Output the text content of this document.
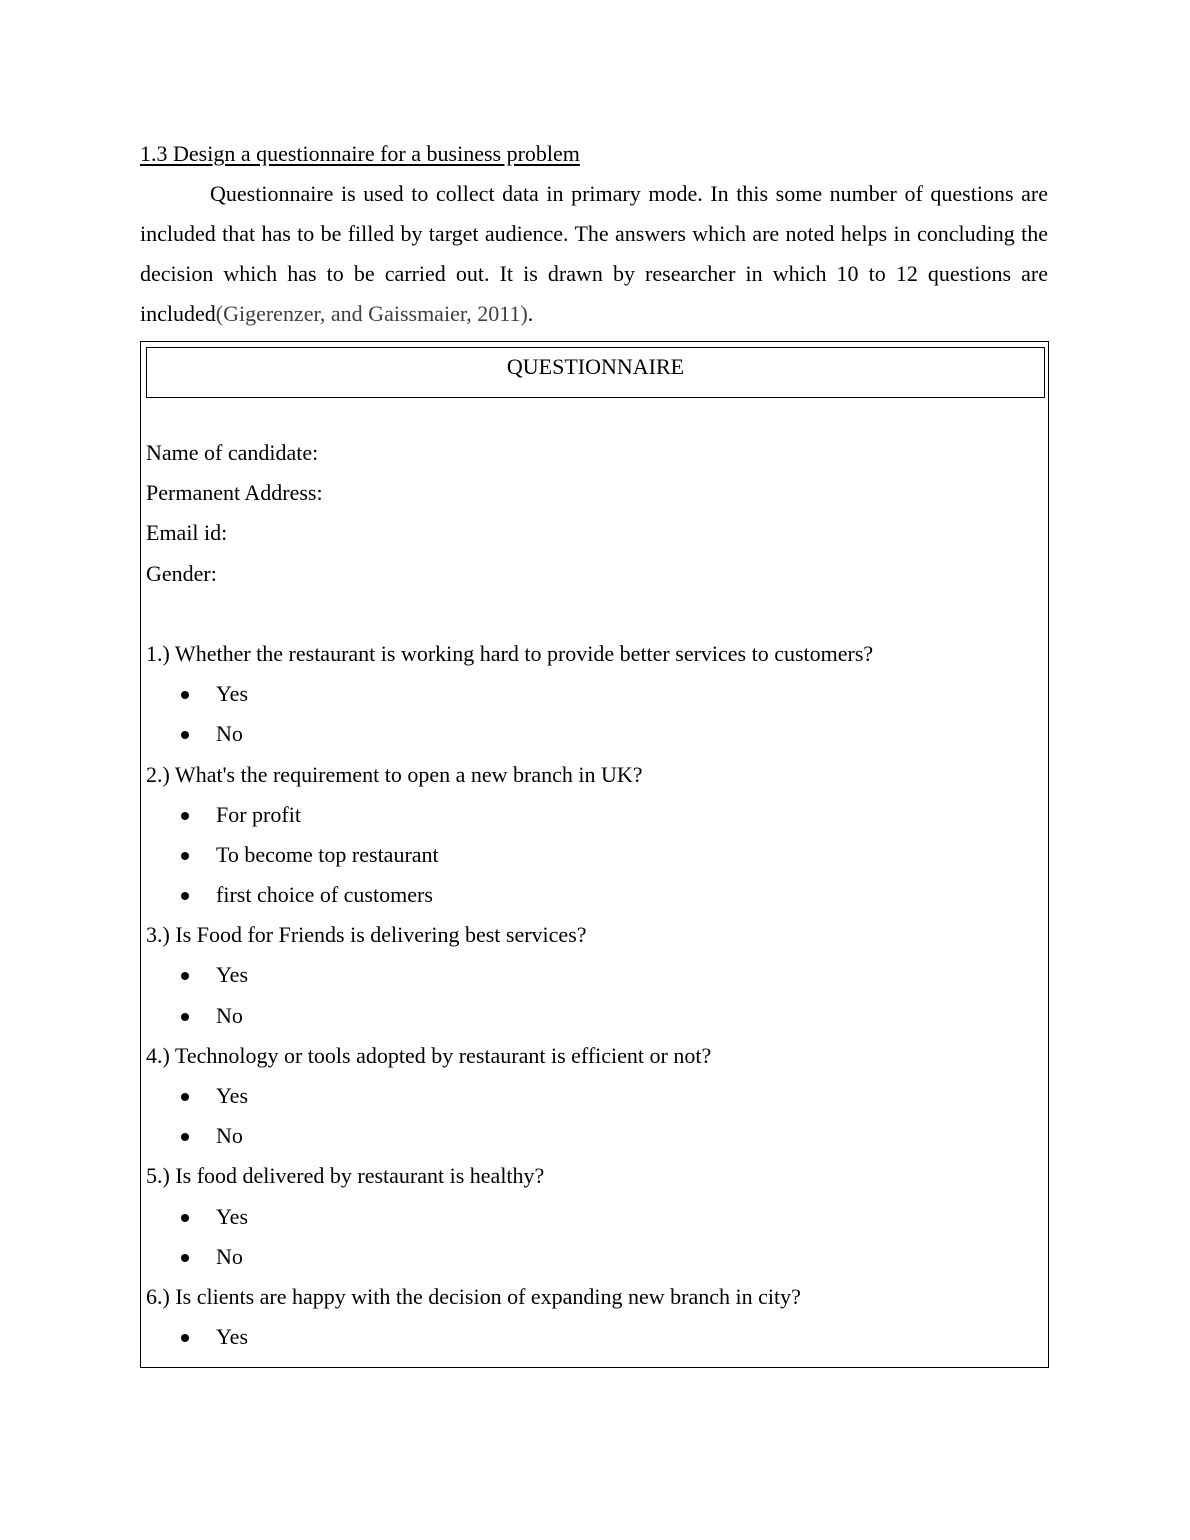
1.3 Design a questionnaire for a business problem

Questionnaire is used to collect data in primary mode. In this some number of questions are included that has to be filled by target audience. The answers which are noted helps in concluding the decision which has to be carried out. It is drawn by researcher in which 10 to 12 questions are included(Gigerenzer, and Gaissmaier, 2011).

QUESTIONNAIRE
Name of candidate:
Permanent Address:
Email id:
Gender:
1.) Whether the restaurant is working hard to provide better services to customers?
Yes
No
2.) What's the requirement to open a new branch in UK?
For profit
To become top restaurant
first choice of customers
3.) Is Food for Friends is delivering best services?
Yes
No
4.) Technology or tools adopted by restaurant is efficient or not?
Yes
No
5.) Is food delivered by restaurant is healthy?
Yes
No
6.) Is clients are happy with the decision of expanding new branch in city?
Yes
